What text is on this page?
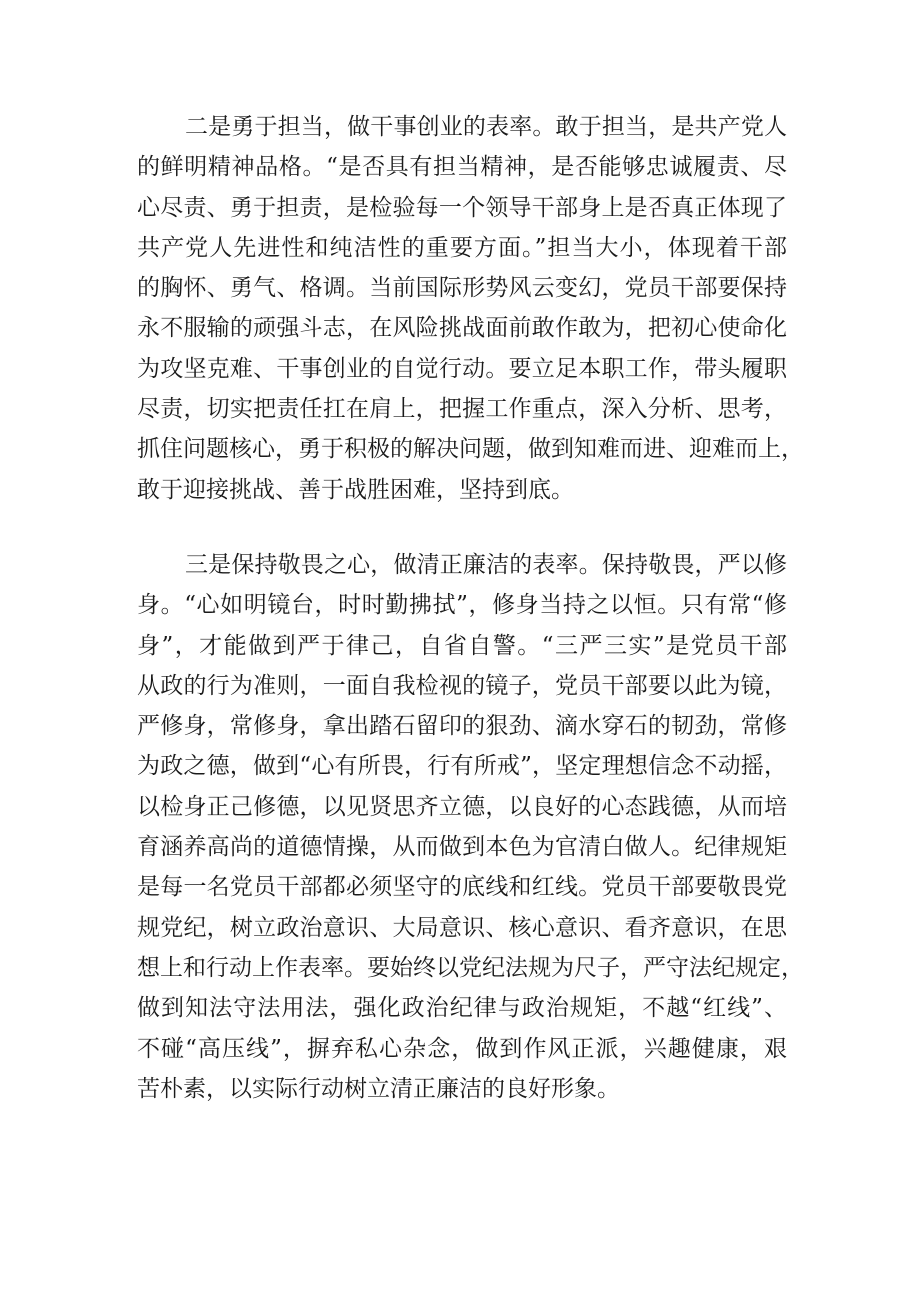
二是勇于担当，做干事创业的表率。敢于担当，是共产党人
的鲜明精神品格。“是否具有担当精神，是否能够忠诚履责、尽
心尽责、勇于担责，是检验每一个领导干部身上是否真正体现了
共产党人先进性和纯洁性的重要方面。”担当大小，体现着干部
的胸怀、勇气、格调。当前国际形势风云变幻，党员干部要保持
永不服输的顽强斗志，在风险挑战面前敢作敢为，把初心使命化
为攻坚克难、干事创业的自觉行动。要立足本职工作，带头履职
尽责，切实把责任扛在肩上，把握工作重点，深入分析、思考，
抓住问题核心，勇于积极的解决问题，做到知难而进、迎难而上，
敢于迎接挑战、善于战胜困难，坚持到底。
三是保持敬畏之心，做清正廉洁的表率。保持敬畏，严以修
身。“心如明镜台，时时勤拂拭”，修身当持之以恒。只有常“修
身”，才能做到严于律己，自省自警。“三严三实”是党员干部
从政的行为准则，一面自我检视的镜子，党员干部要以此为镜，
严修身，常修身，拿出踏石留印的狠劲、滴水穿石的韧劲，常修
为政之德，做到“心有所畏，行有所戒”，坚定理想信念不动摇，
以检身正己修德，以见贤思齐立德，以良好的心态践德，从而培
育涵养高尚的道德情操，从而做到本色为官清白做人。纪律规矩
是每一名党员干部都必须坚守的底线和红线。党员干部要敬畏党
规党纪，树立政治意识、大局意识、核心意识、看齐意识，在思
想上和行动上作表率。要始终以党纪法规为尺子，严守法纪规定，
做到知法守法用法，强化政治纪律与政治规矩，不越“红线”、
不碰“高压线”，摒弃私心杂念，做到作风正派，兴趣健康，艰
苦朴素，以实际行动树立清正廉洁的良好形象。
